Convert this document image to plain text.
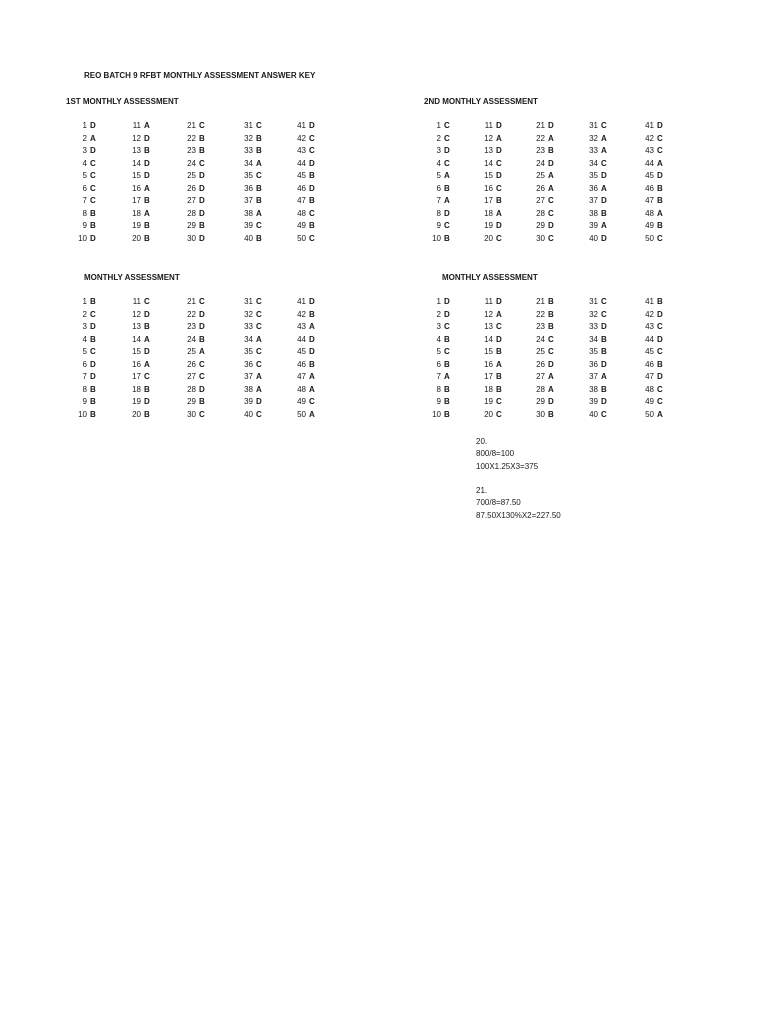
REO BATCH 9 RFBT MONTHLY ASSESSMENT ANSWER KEY
1ST MONTHLY ASSESSMENT
1 D
2 A
3 D
4 C
5 C
6 C
7 C
8 B
9 B
10 D
11 A
12 D
13 B
14 D
15 D
16 A
17 B
18 A
19 B
20 B
21 C
22 B
23 B
24 C
25 D
26 D
27 D
28 D
29 B
30 D
31 C
32 B
33 B
34 A
35 C
36 B
37 B
38 A
39 C
40 B
41 D
42 C
43 C
44 D
45 B
46 D
47 B
48 C
49 B
50 C
2ND MONTHLY ASSESSMENT
1 C
2 C
3 D
4 C
5 A
6 B
7 A
8 D
9 C
10 B
11 D
12 A
13 D
14 C
15 D
16 C
17 B
18 A
19 D
20 C
21 D
22 A
23 B
24 D
25 A
26 A
27 C
28 C
29 D
30 C
31 C
32 A
33 A
34 C
35 D
36 A
37 D
38 B
39 A
40 D
41 D
42 C
43 C
44 A
45 D
46 B
47 B
48 A
49 B
50 C
MONTHLY ASSESSMENT
1 B
2 C
3 D
4 B
5 C
6 D
7 D
8 B
9 B
10 B
11 C
12 D
13 B
14 A
15 D
16 A
17 C
18 B
19 D
20 B
21 C
22 D
23 D
24 B
25 A
26 C
27 C
28 D
29 B
30 C
31 C
32 C
33 C
34 A
35 C
36 C
37 A
38 A
39 D
40 C
41 D
42 B
43 A
44 D
45 D
46 B
47 A
48 A
49 C
50 A
MONTHLY ASSESSMENT
1 D
2 D
3 C
4 B
5 C
6 B
7 A
8 B
9 B
10 B
11 D
12 A
13 C
14 D
15 B
16 A
17 B
18 B
19 C
20 C
21 B
22 B
23 B
24 C
25 C
26 D
27 A
28 A
29 D
30 B
31 C
32 C
33 D
34 B
35 B
36 D
37 A
38 B
39 D
40 C
41 B
42 D
43 C
44 D
45 C
46 B
47 D
48 C
49 C
50 A
20.
800/8=100
100X1.25X3=375
21.
700/8=87.50
87.50X130%X2=227.50
